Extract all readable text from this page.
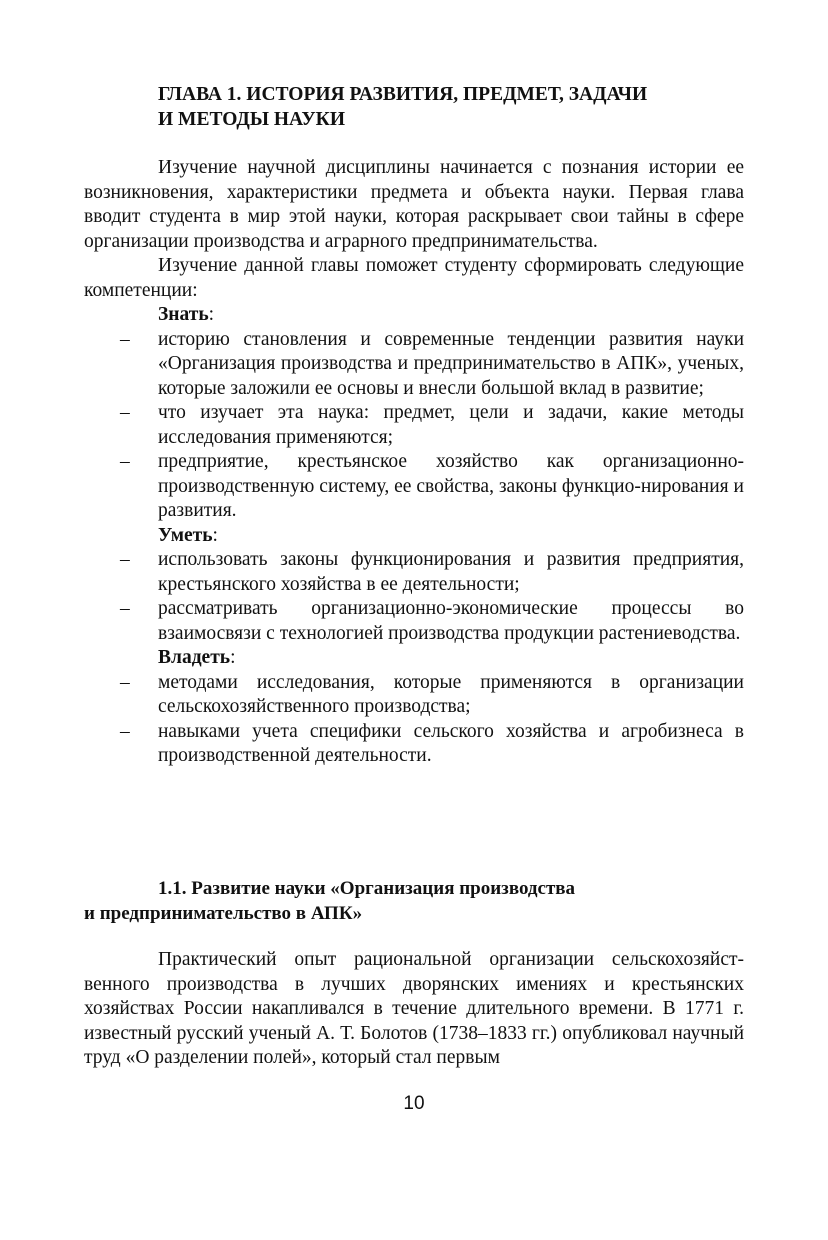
ГЛАВА 1. ИСТОРИЯ РАЗВИТИЯ, ПРЕДМЕТ, ЗАДАЧИ
И МЕТОДЫ НАУКИ

Изучение научной дисциплины начинается с познания истории ее возникновения, характеристики предмета и объекта науки. Первая глава вводит студента в мир этой науки, которая раскрывает свои тайны в сфере организации производства и аграрного предпринимательства.

Изучение данной главы поможет студенту сформировать следующие компетенции:

Знать:

– историю становления и современные тенденции развития науки «Организация производства и предпринимательство в АПК», ученых, которые заложили ее основы и внесли большой вклад в развитие;
– что изучает эта наука: предмет, цели и задачи, какие методы исследования применяются;
– предприятие, крестьянское хозяйство как организационно-производственную систему, ее свойства, законы функцио-нирования и развития.

Уметь:

– использовать законы функционирования и развития предприятия, крестьянского хозяйства в ее деятельности;
– рассматривать организационно-экономические процессы во взаимосвязи с технологией производства продукции растениеводства.

Владеть:

– методами исследования, которые применяются в организации сельскохозяйственного производства;
– навыками учета специфики сельского хозяйства и агробизнеса в производственной деятельности.
1.1. Развитие науки «Организация производства
и предпринимательство в АПК»

Практический опыт рациональной организации сельскохозяйст-венного производства в лучших дворянских имениях и крестьянских хозяйствах России накапливался в течение длительного времени. В 1771 г. известный русский ученый А. Т. Болотов (1738–1833 гг.) опубликовал научный труд «О разделении полей», который стал первым

10
